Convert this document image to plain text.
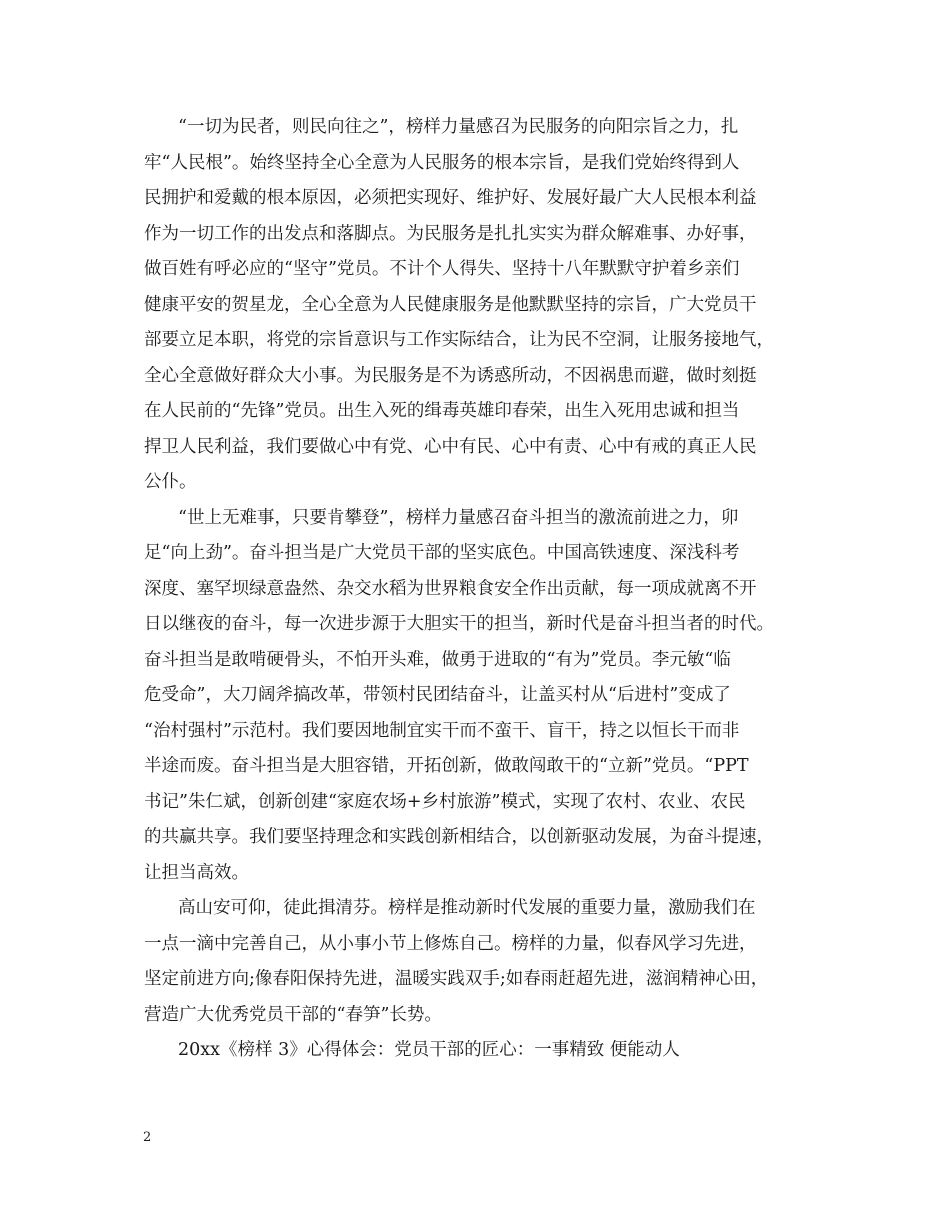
“一切为民者，则民向往之”，榜样力量感召为民服务的向阳宗旨之力，扎
牢“人民根”。始终坚持全心全意为人民服务的根本宗旨，是我们党始终得到人
民拥护和爱戴的根本原因，必须把实现好、维护好、发展好最广大人民根本利益
作为一切工作的出发点和落脚点。为民服务是扎扎实实为群众解难事、办好事，
做百姓有呼必应的“坚守”党员。不计个人得失、坚持十八年默默守护着乡亲们
健康平安的贺星龙，全心全意为人民健康服务是他默默坚持的宗旨，广大党员干
部要立足本职，将党的宗旨意识与工作实际结合，让为民不空洞，让服务接地气，
全心全意做好群众大小事。为民服务是不为诱惑所动，不因祸患而避，做时刻挺
在人民前的“先锋”党员。出生入死的缉毒英雄印春荣，出生入死用忠诚和担当
捍卫人民利益，我们要做心中有党、心中有民、心中有责、心中有戒的真正人民
公仆。
“世上无难事，只要肯攀登”，榜样力量感召奋斗担当的激流前进之力，卯
足“向上劲”。奋斗担当是广大党员干部的坚实底色。中国高铁速度、深浅科考
深度、塞罕坝绿意盎然、杂交水稻为世界粮食安全作出贡献，每一项成就离不开
日以继夜的奋斗，每一次进步源于大胆实干的担当，新时代是奋斗担当者的时代。
奋斗担当是敢啃硬骨头，不怕开头难，做勇于进取的“有为”党员。李元敏“临
危受命”，大刀阔斧搞改革，带领村民团结奋斗，让盖买村从“后进村”变成了
“治村强村”示范村。我们要因地制宜实干而不蛮干、盲干，持之以恒长干而非
半途而废。奋斗担当是大胆容错，开拓创新，做敢闯敢干的“立新”党员。“PPT
书记”朱仁斌，创新创建“家庭农场+乡村旅游”模式，实现了农村、农业、农民
的共赢共享。我们要坚持理念和实践创新相结合，以创新驱动发展，为奋斗提速，
让担当高效。
高山安可仰，徒此揖清芬。榜样是推动新时代发展的重要力量，激励我们在
一点一滴中完善自己，从小事小节上修炼自己。榜样的力量，似春风学习先进，
坚定前进方向;像春阳保持先进，温暖实践双手;如春雨赶超先进，滋润精神心田，
营造广大优秀党员干部的“春笋”长势。
20xx《榜样 3》心得体会：党员干部的匠心：一事精致 便能动人
2
